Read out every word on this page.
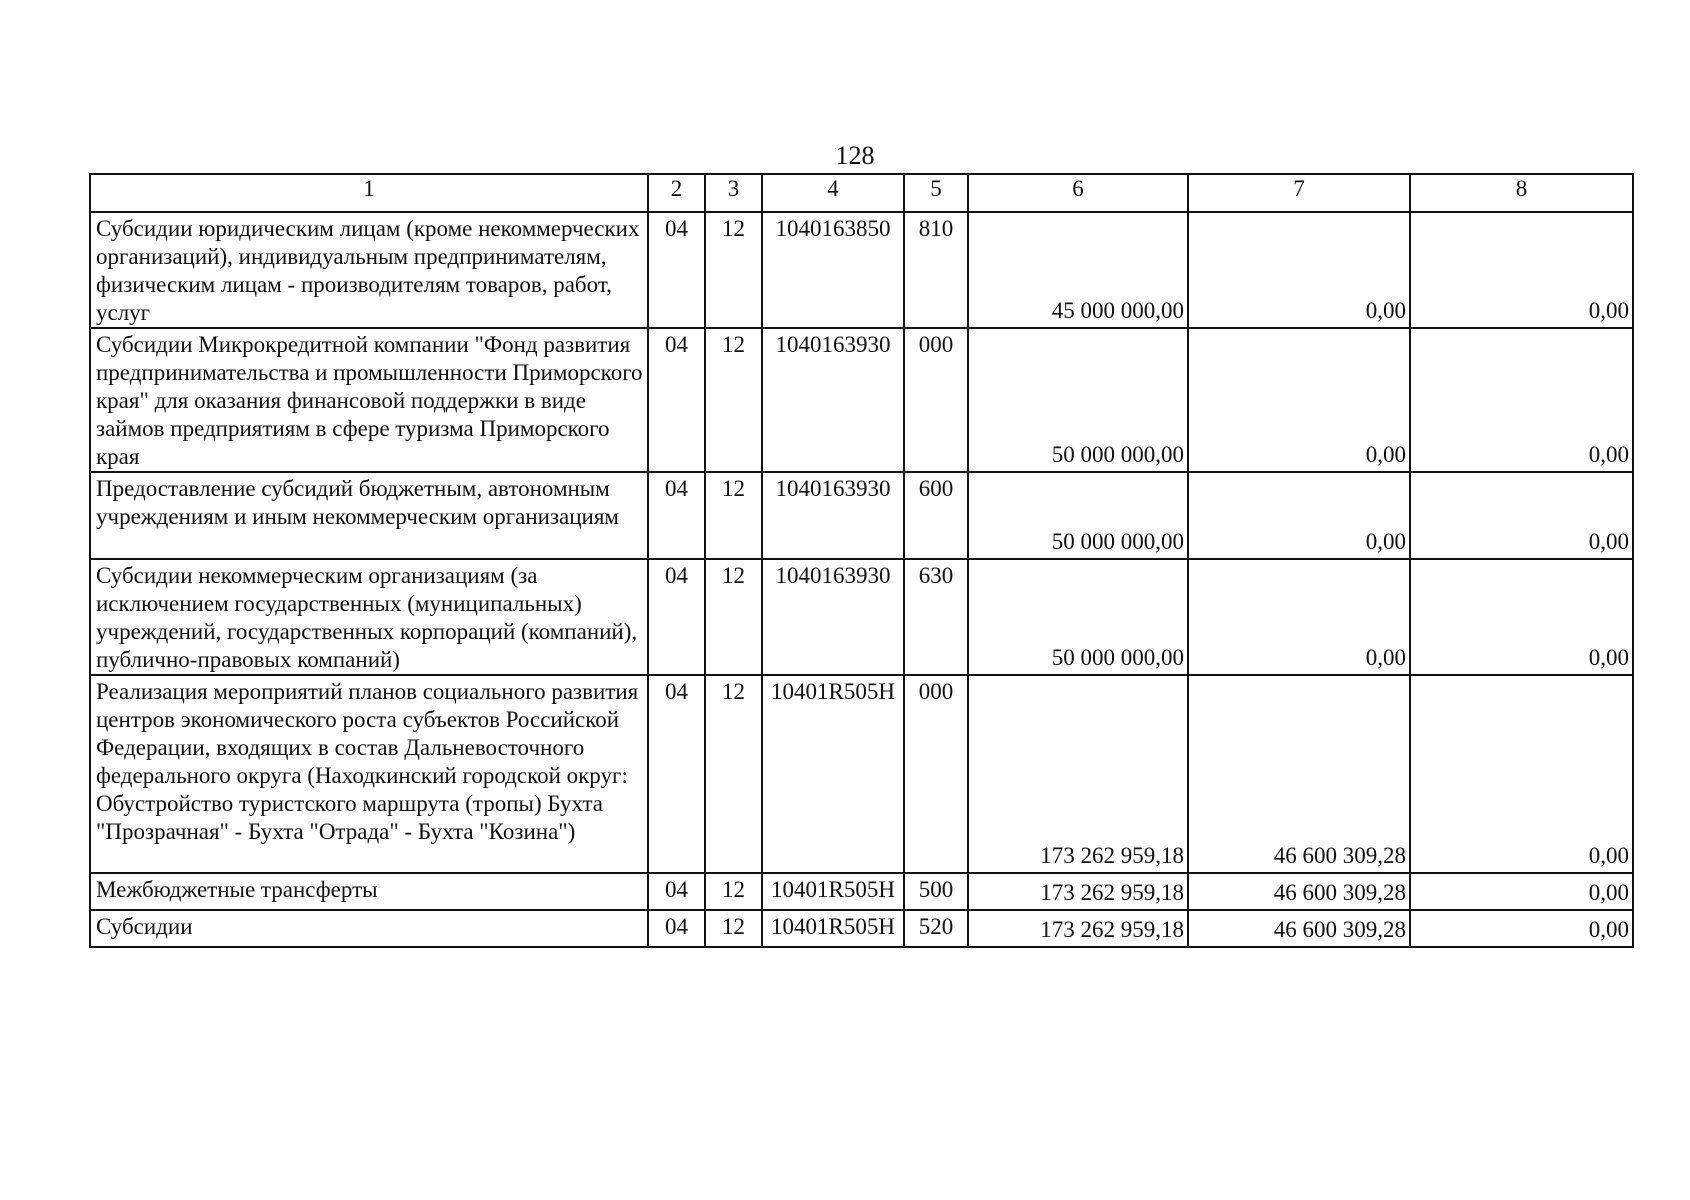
128
1	2	3	4	5	6	7	8
Субсидии юридическим лицам (кроме некоммерческих организаций), индивидуальным предпринимателям, физическим лицам - производителям товаров, работ, услуг	04	12	1040163850	810	45 000 000,00	0,00	0,00
Субсидии Микрокредитной компании "Фонд развития предпринимательства и промышленности Приморского края" для оказания финансовой поддержки в виде займов предприятиям в сфере туризма Приморского края	04	12	1040163930	000	50 000 000,00	0,00	0,00
Предоставление субсидий бюджетным, автономным учреждениям и иным некоммерческим организациям	04	12	1040163930	600	50 000 000,00	0,00	0,00
Субсидии некоммерческим организациям (за исключением государственных (муниципальных) учреждений, государственных корпораций (компаний), публично-правовых компаний)	04	12	1040163930	630	50 000 000,00	0,00	0,00
Реализация мероприятий планов социального развития центров экономического роста субъектов Российской Федерации, входящих в состав Дальневосточного федерального округа (Находкинский городской округ: Обустройство туристского маршрута (тропы) Бухта "Прозрачная" - Бухта "Отрада" - Бухта "Козина")	04	12	10401R505H	000	173 262 959,18	46 600 309,28	0,00
Межбюджетные трансферты	04	12	10401R505H	500	173 262 959,18	46 600 309,28	0,00
Субсидии	04	12	10401R505H	520	173 262 959,18	46 600 309,28	0,00
